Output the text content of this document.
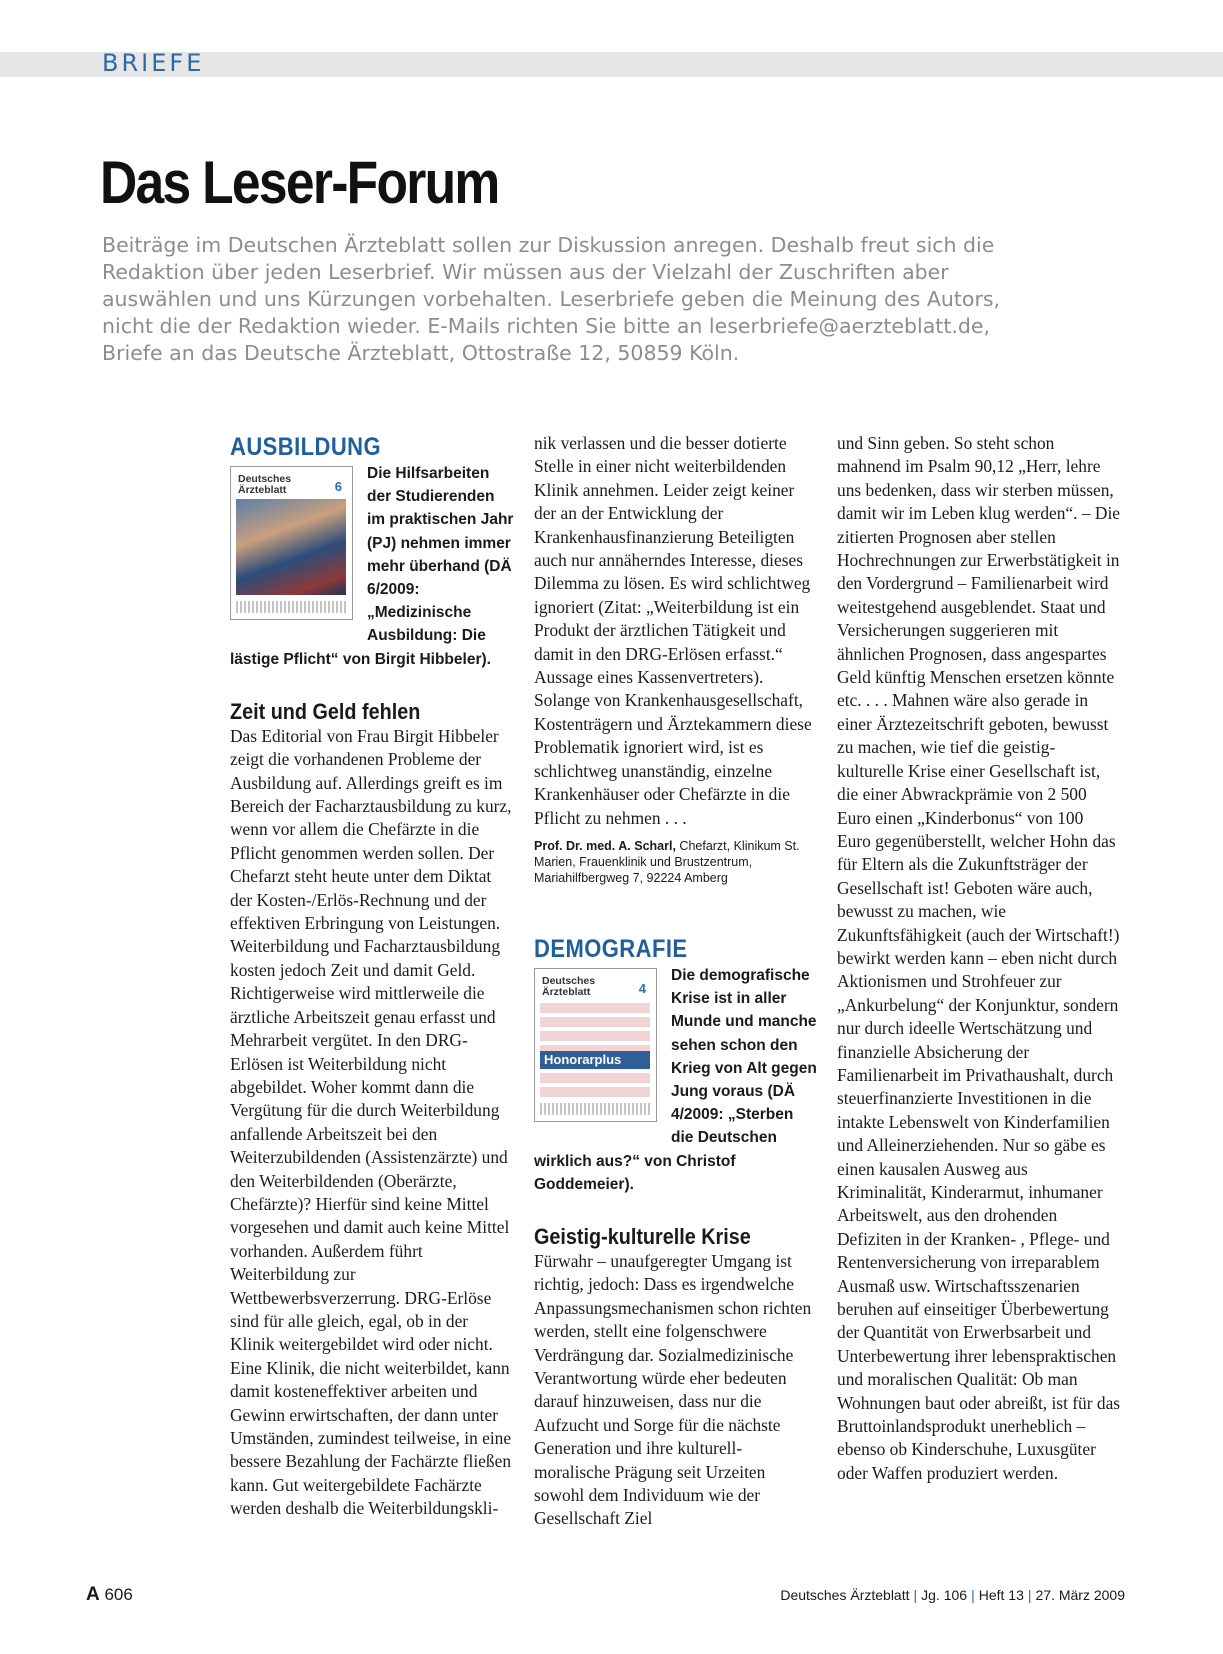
BRIEFE
Das Leser-Forum

Beiträge im Deutschen Ärzteblatt sollen zur Diskussion anregen. Deshalb freut sich die Redaktion über jeden Leserbrief. Wir müssen aus der Vielzahl der Zuschriften aber auswählen und uns Kürzungen vorbehalten. Leserbriefe geben die Meinung des Autors, nicht die der Redaktion wieder. E-Mails richten Sie bitte an leserbriefe@aerzteblatt.de, Briefe an das Deutsche Ärzteblatt, Ottostraße 12, 50859 Köln.

AUSBILDUNG
Deutsches Ärzteblatt	6
Die Hilfsarbeiten der Studierenden im praktischen Jahr (PJ) nehmen immer mehr überhand (DÄ 6/2009: „Medizinische Ausbildung: Die lästige Pflicht“ von Birgit Hibbeler).
Zeit und Geld fehlen

Das Editorial von Frau Birgit Hibbeler zeigt die vorhandenen Probleme der Ausbildung auf. Allerdings greift es im Bereich der Facharztausbildung zu kurz, wenn vor allem die Chefärzte in die Pflicht genommen werden sollen. Der Chefarzt steht heute unter dem Diktat der Kosten-/Erlös-Rechnung und der effektiven Erbringung von Leistungen. Weiterbildung und Facharztausbildung kosten jedoch Zeit und damit Geld. Richtigerweise wird mittlerweile die ärztliche Arbeitszeit genau erfasst und Mehrarbeit vergütet. In den DRG-Erlösen ist Weiterbildung nicht abgebildet. Woher kommt dann die Vergütung für die durch Weiterbildung anfallende Arbeitszeit bei den Weiterzubildenden (Assistenzärzte) und den Weiterbildenden (Oberärzte, Chefärzte)? Hierfür sind keine Mittel vorgesehen und damit auch keine Mittel vorhanden. Außerdem führt Weiterbildung zur Wettbewerbsverzerrung. DRG-Erlöse sind für alle gleich, egal, ob in der Klinik weitergebildet wird oder nicht. Eine Klinik, die nicht weiterbildet, kann damit kosteneffektiver arbeiten und Gewinn erwirtschaften, der dann unter Umständen, zumindest teilweise, in eine bessere Bezahlung der Fachärzte fließen kann. Gut weitergebildete Fachärzte werden deshalb die Weiterbildungskli-

nik verlassen und die besser dotierte Stelle in einer nicht weiterbildenden Klinik annehmen. Leider zeigt keiner der an der Entwicklung der Krankenhausfinanzierung Beteiligten auch nur annäherndes Interesse, dieses Dilemma zu lösen. Es wird schlichtweg ignoriert (Zitat: „Weiterbildung ist ein Produkt der ärztlichen Tätigkeit und damit in den DRG-Erlösen erfasst.“ Aussage eines Kassenvertreters). Solange von Krankenhausgesellschaft, Kostenträgern und Ärztekammern diese Problematik ignoriert wird, ist es schlichtweg unanständig, einzelne Krankenhäuser oder Chefärzte in die Pflicht zu nehmen . . .

Prof. Dr. med. A. Scharl, Chefarzt, Klinikum St. Marien, Frauenklinik und Brustzentrum, Mariahilfbergweg 7, 92224 Amberg
DEMOGRAFIE
Deutsches Ärzteblatt	4
Honorarplus
Die demografische Krise ist in aller Munde und manche sehen schon den Krieg von Alt gegen Jung voraus (DÄ 4/2009: „Sterben die Deutschen wirklich aus?“ von Christof Goddemeier).
Geistig-kulturelle Krise

Fürwahr – unaufgeregter Umgang ist richtig, jedoch: Dass es irgendwelche Anpassungsmechanismen schon richten werden, stellt eine folgenschwere Verdrängung dar. Sozialmedizinische Verantwortung würde eher bedeuten darauf hinzuweisen, dass nur die Aufzucht und Sorge für die nächste Generation und ihre kulturell-moralische Prägung seit Urzeiten sowohl dem Individuum wie der Gesellschaft Ziel

und Sinn geben. So steht schon mahnend im Psalm 90,12 „Herr, lehre uns bedenken, dass wir sterben müssen, damit wir im Leben klug werden“. – Die zitierten Prognosen aber stellen Hochrechnungen zur Erwerbstätigkeit in den Vordergrund – Familienarbeit wird weitestgehend ausgeblendet. Staat und Versicherungen suggerieren mit ähnlichen Prognosen, dass angespartes Geld künftig Menschen ersetzen könnte etc. . . . Mahnen wäre also gerade in einer Ärztezeitschrift geboten, bewusst zu machen, wie tief die geistig-kulturelle Krise einer Gesellschaft ist, die einer Abwrackprämie von 2 500 Euro einen „Kinderbonus“ von 100 Euro gegenüberstellt, welcher Hohn das für Eltern als die Zukunftsträger der Gesellschaft ist! Geboten wäre auch, bewusst zu machen, wie Zukunftsfähigkeit (auch der Wirtschaft!) bewirkt werden kann – eben nicht durch Aktionismen und Strohfeuer zur „Ankurbelung“ der Konjunktur, sondern nur durch ideelle Wertschätzung und finanzielle Absicherung der Familienarbeit im Privathaushalt, durch steuerfinanzierte Investitionen in die intakte Lebenswelt von Kinderfamilien und Alleinerziehenden. Nur so gäbe es einen kausalen Ausweg aus Kriminalität, Kinderarmut, inhumaner Arbeitswelt, aus den drohenden Defiziten in der Kranken- , Pflege- und Rentenversicherung von irreparablem Ausmaß usw. Wirtschaftsszenarien beruhen auf einseitiger Überbewertung der Quantität von Erwerbsarbeit und Unterbewertung ihrer lebenspraktischen und moralischen Qualität: Ob man Wohnungen baut oder abreißt, ist für das Bruttoinlandsprodukt unerheblich – ebenso ob Kinderschuhe, Luxusgüter oder Waffen produziert werden.

A 606	Deutsches Ärzteblatt | Jg. 106 | Heft 13 | 27. März 2009
